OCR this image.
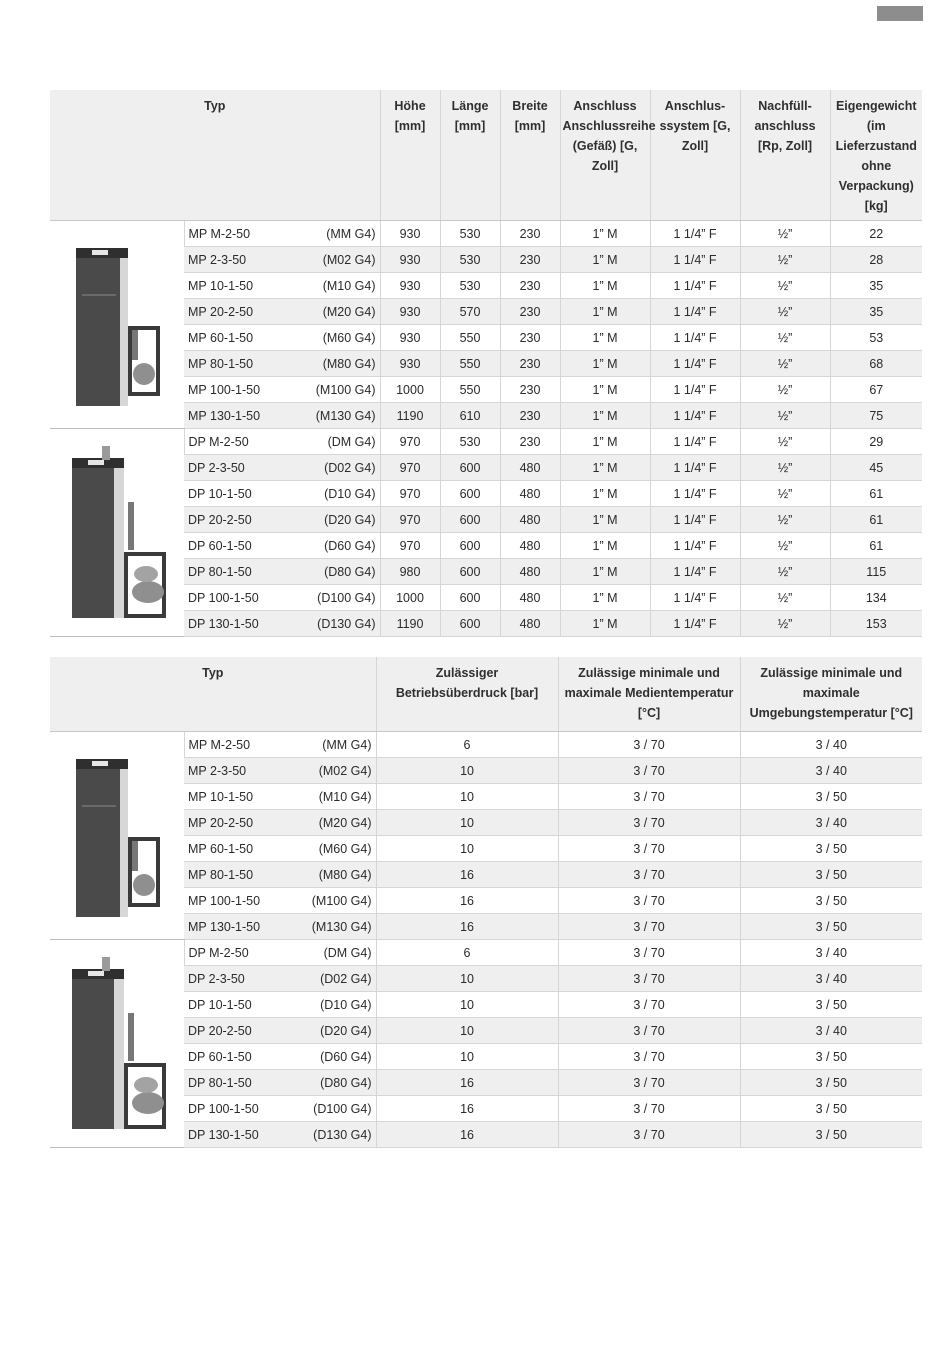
Typ		Höhe [mm]	Länge [mm]	Breite [mm]	Anschluss Anschlussreihe (Gefäß) [G, Zoll]	Anschlus-ssystem [G, Zoll]	Nachfüll-anschluss [Rp, Zoll]	Eigengewicht (im Lieferzustand ohne Verpackung) [kg]

MP M-2-50 (MM G4)	930	530	230	1” M	1 1/4” F	½”	22

	MP 2-3-50 (M02 G4)	930	530	230	1” M	1 1/4” F	½”	28

	MP 10-1-50 (M10 G4)	930	530	230	1” M	1 1/4” F	½”	35

	MP 20-2-50 (M20 G4)	930	570	230	1” M	1 1/4” F	½”	35

	MP 60-1-50 (M60 G4)	930	550	230	1” M	1 1/4” F	½”	53

	MP 80-1-50 (M80 G4)	930	550	230	1” M	1 1/4” F	½”	68

	MP 100-1-50 (M100 G4)	1000	550	230	1” M	1 1/4” F	½”	67

	MP 130-1-50 (M130 G4)	1190	610	230	1” M	1 1/4” F	½”	75

DP M-2-50 (DM G4)	970	530	230	1” M	1 1/4” F	½”	29

	DP 2-3-50 (D02 G4)	970	600	480	1” M	1 1/4” F	½”	45

	DP 10-1-50 (D10 G4)	970	600	480	1” M	1 1/4” F	½”	61

	DP 20-2-50 (D20 G4)	970	600	480	1” M	1 1/4” F	½”	61

	DP 60-1-50 (D60 G4)	970	600	480	1” M	1 1/4” F	½”	61

	DP 80-1-50 (D80 G4)	980	600	480	1” M	1 1/4” F	½”	115

	DP 100-1-50 (D100 G4)	1000	600	480	1” M	1 1/4” F	½”	134

	DP 130-1-50 (D130 G4)	1190	600	480	1” M	1 1/4” F	½”	153
Typ		Zulässiger Betriebsüberdruck [bar]	Zulässige minimale und maximale Medientemperatur [°C]	Zulässige minimale und maximale Umgebungstemperatur [°C]

MP M-2-50 (MM G4)	6	3 / 70	3 / 40

	MP 2-3-50 (M02 G4)	10	3 / 70	3 / 40

	MP 10-1-50 (M10 G4)	10	3 / 70	3 / 50

	MP 20-2-50 (M20 G4)	10	3 / 70	3 / 40

	MP 60-1-50 (M60 G4)	10	3 / 70	3 / 50

	MP 80-1-50 (M80 G4)	16	3 / 70	3 / 50

	MP 100-1-50 (M100 G4)	16	3 / 70	3 / 50

	MP 130-1-50 (M130 G4)	16	3 / 70	3 / 50

DP M-2-50 (DM G4)	6	3 / 70	3 / 40

	DP 2-3-50 (D02 G4)	10	3 / 70	3 / 40

	DP 10-1-50 (D10 G4)	10	3 / 70	3 / 50

	DP 20-2-50 (D20 G4)	10	3 / 70	3 / 40

	DP 60-1-50 (D60 G4)	10	3 / 70	3 / 50

	DP 80-1-50 (D80 G4)	16	3 / 70	3 / 50

	DP 100-1-50 (D100 G4)	16	3 / 70	3 / 50

	DP 130-1-50 (D130 G4)	16	3 / 70	3 / 50
